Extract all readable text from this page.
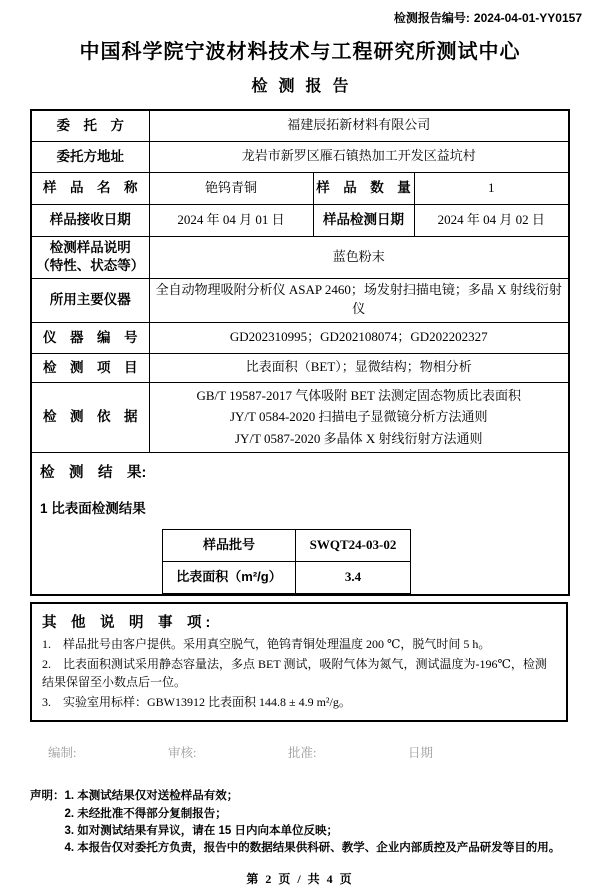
检测报告编号: 2024-04-01-YY0157
中国科学院宁波材料技术与工程研究所测试中心
检测报告
委　托　方	福建辰拓新材料有限公司
委托方地址	龙岩市新罗区雁石镇热加工开发区益坑村
样　品　名　称	铯钨青铜	样　品　数　量	1
样品接收日期	2024 年 04 月 01 日	样品检测日期	2024 年 04 月 02 日

检测样品说明
（特性、状态等）
	蓝色粉末
所用主要仪器	全自动物理吸附分析仪 ASAP 2460；场发射扫描电镜；多晶 X 射线衍射仪
仪　器　编　号	GD202310995；GD202108074；GD202202327
检　测　项　目	比表面积（BET）；显微结构；物相分析
检　测　依　据	
GB/T 19587-2017 气体吸附 BET 法测定固态物质比表面积
JY/T 0584-2020 扫描电子显微镜分析方法通则
JY/T 0587-2020 多晶体 X 射线衍射方法通则

检　测　结　果:
1 比表面检测结果
样品批号	SWQT24-03-02
比表面积（m²/g）	3.4
其　他　说　明　事　项 :
1.　样品批号由客户提供。采用真空脱气，铯钨青铜处理温度 200 ℃，脱气时间 5 h。
2.　比表面积测试采用静态容量法，多点 BET 测试，吸附气体为氮气，测试温度为-196℃，检测结果保留至小数点后一位。
3.　实验室用标样：GBW13912 比表面积 144.8 ± 4.9 m²/g。
编制:	审核:	批准:	日期
声明： 1. 本测试结果仅对送检样品有效；
2. 未经批准不得部分复制报告；
3. 如对测试结果有异议，请在 15 日内向本单位反映；
4. 本报告仅对委托方负责，报告中的数据结果供科研、教学、企业内部质控及产品研发等目的用。
第 2 页 / 共 4 页
